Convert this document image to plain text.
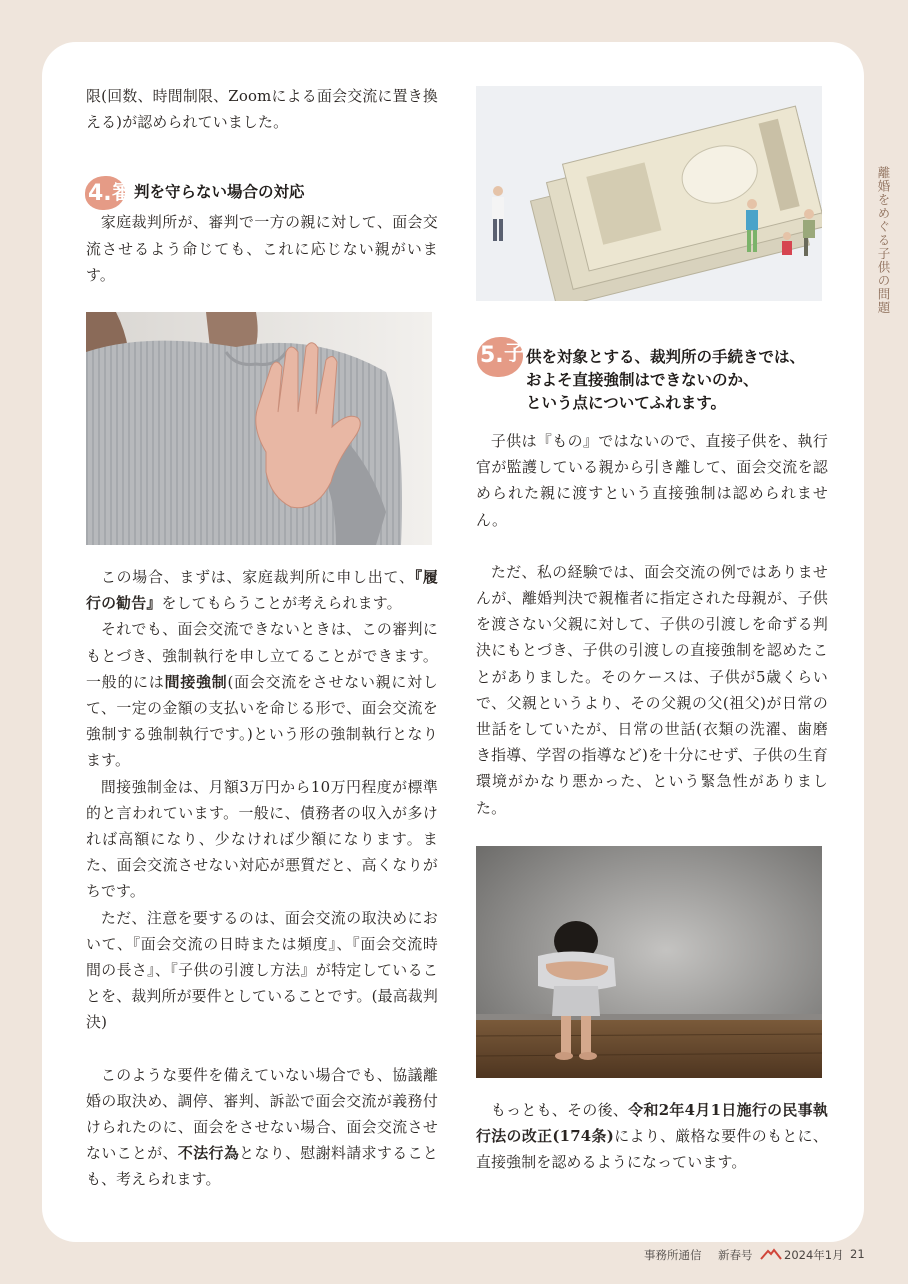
離婚をめぐる子供の問題

限(回数、時間制限、Zoomによる面会交流に置き換える)が認められていました。

4. 審 判を守らない場合の対応

家庭裁判所が、審判で一方の親に対して、面会交流させるよう命じても、これに応じない親がいます。

この場合、まずは、家庭裁判所に申し出て、『履行の勧告』をしてもらうことが考えられます。

それでも、面会交流できないときは、この審判にもとづき、強制執行を申し立てることができます。一般的には間接強制(面会交流をさせない親に対して、一定の金額の支払いを命じる形で、面会交流を強制する強制執行です。)という形の強制執行となります。

間接強制金は、月額3万円から10万円程度が標準的と言われています。一般に、債務者の収入が多ければ高額になり、少なければ少額になります。また、面会交流させない対応が悪質だと、高くなりがちです。

ただ、注意を要するのは、面会交流の取決めにおいて、『面会交流の日時または頻度』、『面会交流時間の長さ』、『子供の引渡し方法』が特定していることを、裁判所が要件としていることです。(最高裁判決)

このような要件を備えていない場合でも、協議離婚の取決め、調停、審判、訴訟で面会交流が義務付けられたのに、面会をさせない場合、面会交流させないことが、不法行為となり、慰謝料請求することも、考えられます。

5. 子 供を対象とする、裁判所の手続きでは、
およそ直接強制はできないのか、
という点についてふれます。

子供は『もの』ではないので、直接子供を、執行官が監護している親から引き離して、面会交流を認められた親に渡すという直接強制は認められません。

ただ、私の経験では、面会交流の例ではありませんが、離婚判決で親権者に指定された母親が、子供を渡さない父親に対して、子供の引渡しを命ずる判決にもとづき、子供の引渡しの直接強制を認めたことがありました。そのケースは、子供が5歳くらいで、父親というより、その父親の父(祖父)が日常の世話をしていたが、日常の世話(衣類の洗濯、歯磨き指導、学習の指導など)を十分にせず、子供の生育環境がかなり悪かった、という緊急性がありました。

もっとも、その後、令和2年4月1日施行の民事執行法の改正(174条)により、厳格な要件のもとに、直接強制を認めるようになっています。

事務所通信 新春号	2024年1月 21
